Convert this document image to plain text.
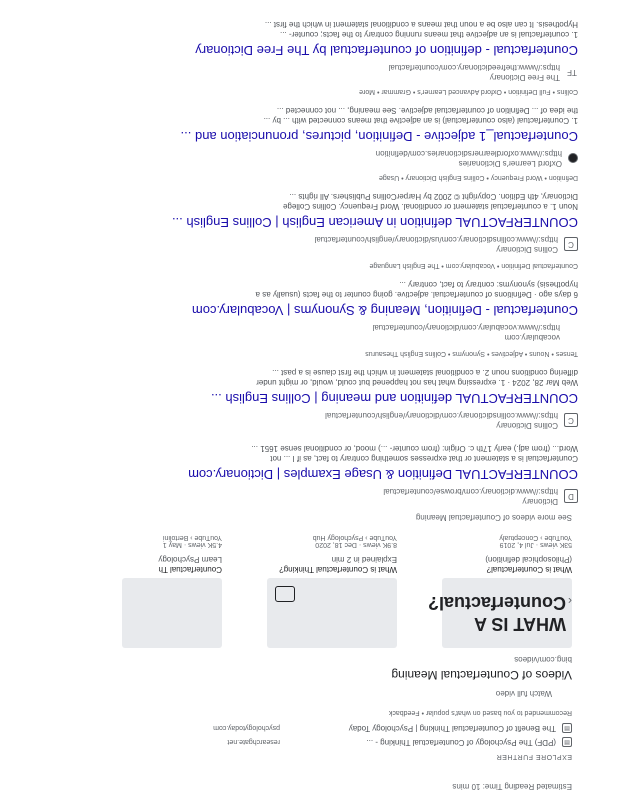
Estimated Reading Time: 10 mins
EXPLORE FURTHER
▤
(PDF) The Psychology of Counterfactual Thinking - ...
researchgate.net
▤
The Benefit of Counterfactual Thinking | Psychology Today
psychologytoday.com
Recommended to you based on what's popular • Feedback
Watch full video
Videos of Counterfactual Meaning
bing.com/videos
WHAT IS A Counterfactual?
What is Counterfactual?
(Philosophical definition)
53K views · Jul 4, 2019
YouTube › Conceptualy
What is Counterfactual Thinking?
Explained in 2 min
8.9K views · Dec 18, 2020
YouTube › Psychology Hub
Counterfactual Th
Learn Psychology
4.5K views · May 1
YouTube › Bertolini
‹
See more videos of Counterfactual Meaning
D
Dictionary
https://www.dictionary.com/browse/counterfactual
COUNTERFACTUAL Definition & Usage Examples | Dictionary.com
Counterfactual is a statement or that expresses something contrary to fact, as if I ... not
Word... (from adj.) early 17th c. Origin: (from counter- ...) mood, or conditional sense 1651 ...
C
Collins Dictionary
https://www.collinsdictionary.com/dictionary/english/counterfactual
COUNTERFACTUAL definition and meaning | Collins English ...
Web Mar 28, 2024 · 1. expressing what has not happened but could, would, or might under
differing conditions noun 2. a conditional statement in which the first clause is a past ...
Tenses • Nouns • Adjectives • Synonyms • Collins English Thesaurus
vocabulary.com
https://www.vocabulary.com/dictionary/counterfactual
Counterfactual - Definition, Meaning & Synonyms | Vocabulary.com
6 days ago · Definitions of counterfactual. adjective. going counter to the facts (usually as a
hypothesis) synonyms: contrary to fact, contrary ...
Counterfactual Definition • Vocabulary.com • The English Language
C
Collins Dictionary
https://www.collinsdictionary.com/us/dictionary/english/counterfactual
COUNTERFACTUAL definition in American English | Collins English ...
Noun 1. a counterfactual statement or conditional. Word Frequency. Collins College
Dictionary, 4th Edition. Copyright © 2002 by HarperCollins Publishers. All rights ...
Definition • Word Frequency • Collins English Dictionary • Usage
Oxford Learner's Dictionaries
https://www.oxfordlearnersdictionaries.com/definition
Counterfactual_1 adjective - Definition, pictures, pronunciation and ...
1. Counterfactual (also counterfactual) is an adjective that means connected with ... by ...
the idea of ... Definition of counterfactual adjective. See meaning, ... not connected ...
Collins • Full Definition • Oxford Advanced Learner's • Grammar • More
TF
The Free Dictionary
https://www.thefreedictionary.com/counterfactual
Counterfactual - definition of counterfactual by The Free Dictionary
1. counterfactual is an adjective that means running contrary to the facts; counter- ...
Hypothesis. It can also be a noun that means a conditional statement in which the first ...
